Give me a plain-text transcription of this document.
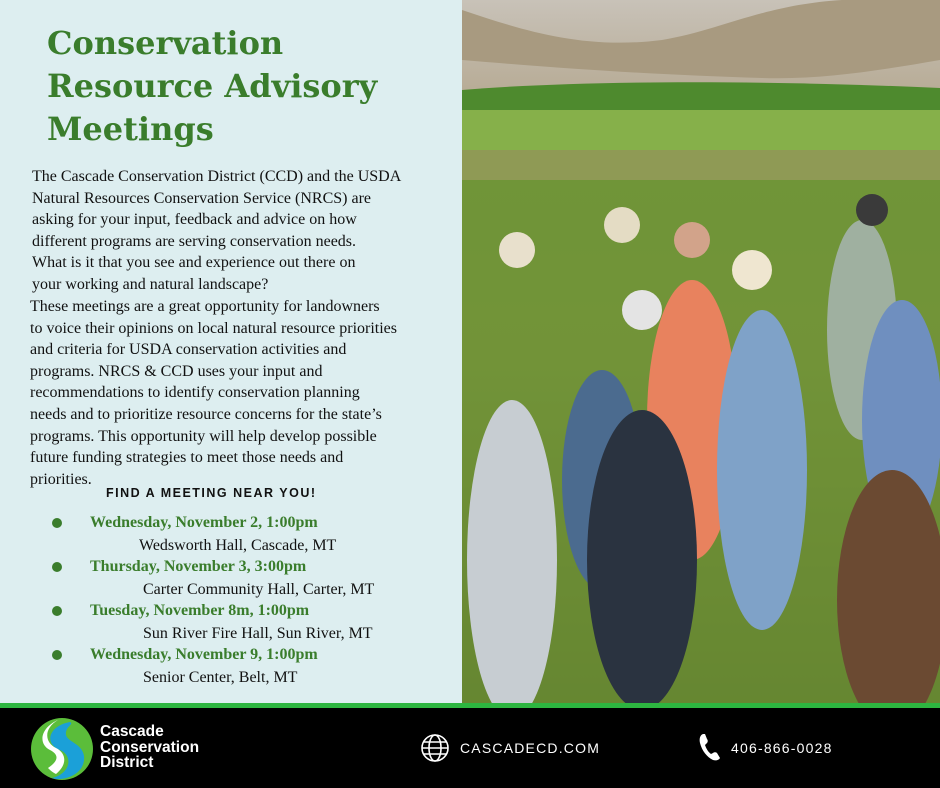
Conservation
Resource Advisory
Meetings

The Cascade Conservation District (CCD) and the USDA
Natural Resources Conservation Service (NRCS) are
asking for your input, feedback and advice on how
different programs are serving conservation needs.
What is it that you see and experience out there on
your working and natural landscape?

These meetings are a great opportunity for landowners
to voice their opinions on local natural resource priorities
and criteria for USDA conservation activities and
programs. NRCS & CCD uses your input and
recommendations to identify conservation planning
needs and to prioritize resource concerns for the state’s
programs. This opportunity will help develop possible
future funding strategies to meet those needs and
priorities.

FIND A MEETING NEAR YOU!
Wednesday, November 2, 1:00pm
Wedsworth Hall, Cascade, MT
Thursday, November 3, 3:00pm
Carter Community Hall, Carter, MT
Tuesday, November 8m, 1:00pm
Sun River Fire Hall, Sun River, MT
Wednesday, November 9, 1:00pm
Senior Center, Belt, MT
Cascade
Conservation
District
CASCADECD.COM	406-866-0028
